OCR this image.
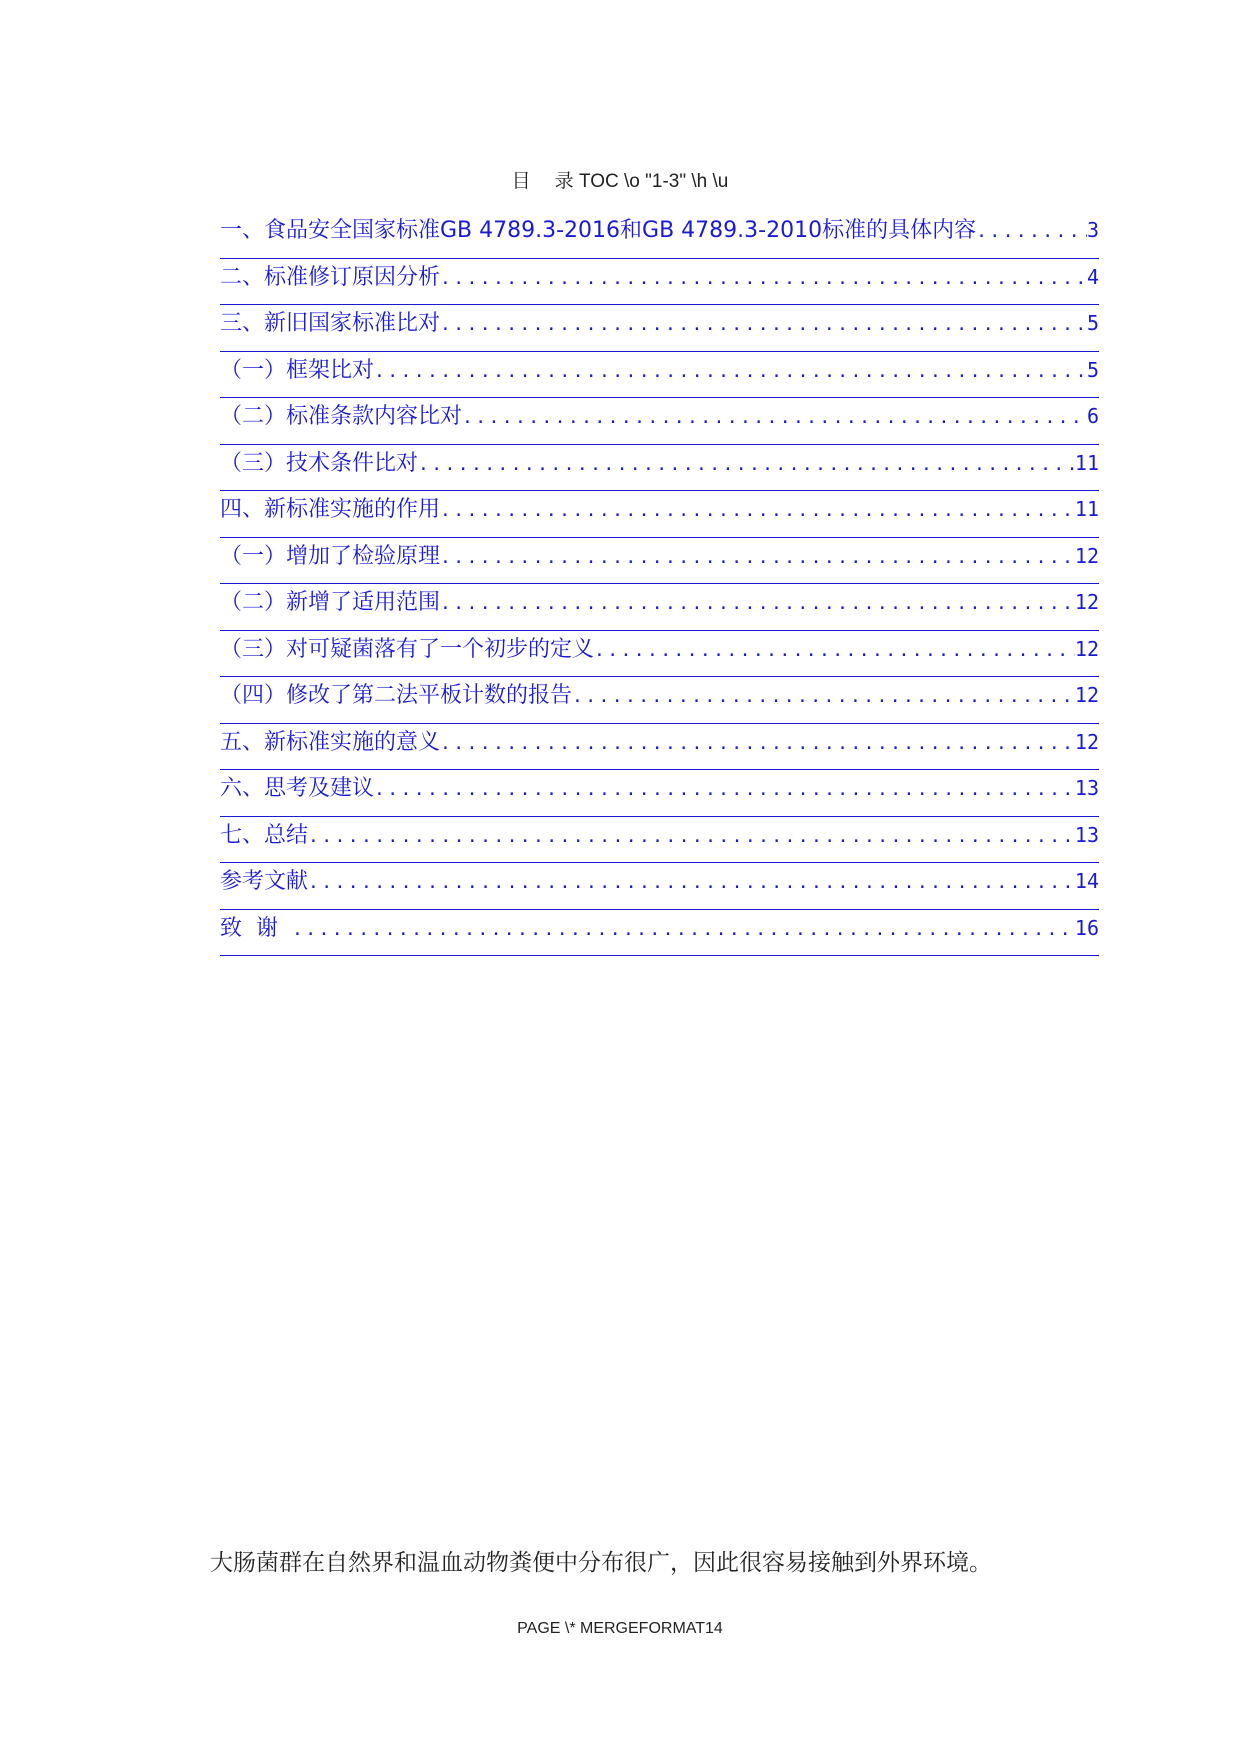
目 录 TOC \o "1-3" \h \u
一、食品安全国家标准GB 4789.3-2016和GB 4789.3-2010标准的具体内容 .....	3
二、标准修订原因分析 .....	4
三、新旧国家标准比对 .....	5
（一）框架比对 .....	5
（二）标准条款内容比对 .....	6
（三）技术条件比对 .....	11
四、新标准实施的作用 .....	11
（一）增加了检验原理 .....	12
（二）新增了适用范围 .....	12
（三）对可疑菌落有了一个初步的定义 .....	12
（四）修改了第二法平板计数的报告 .....	12
五、新标准实施的意义 .....	12
六、思考及建议 .....	13
七、总结 .....	13
参考文献 .....	14
致谢 .....	16
大肠菌群在自然界和温血动物粪便中分布很广，因此很容易接触到外界环境。
PAGE \* MERGEFORMAT14
